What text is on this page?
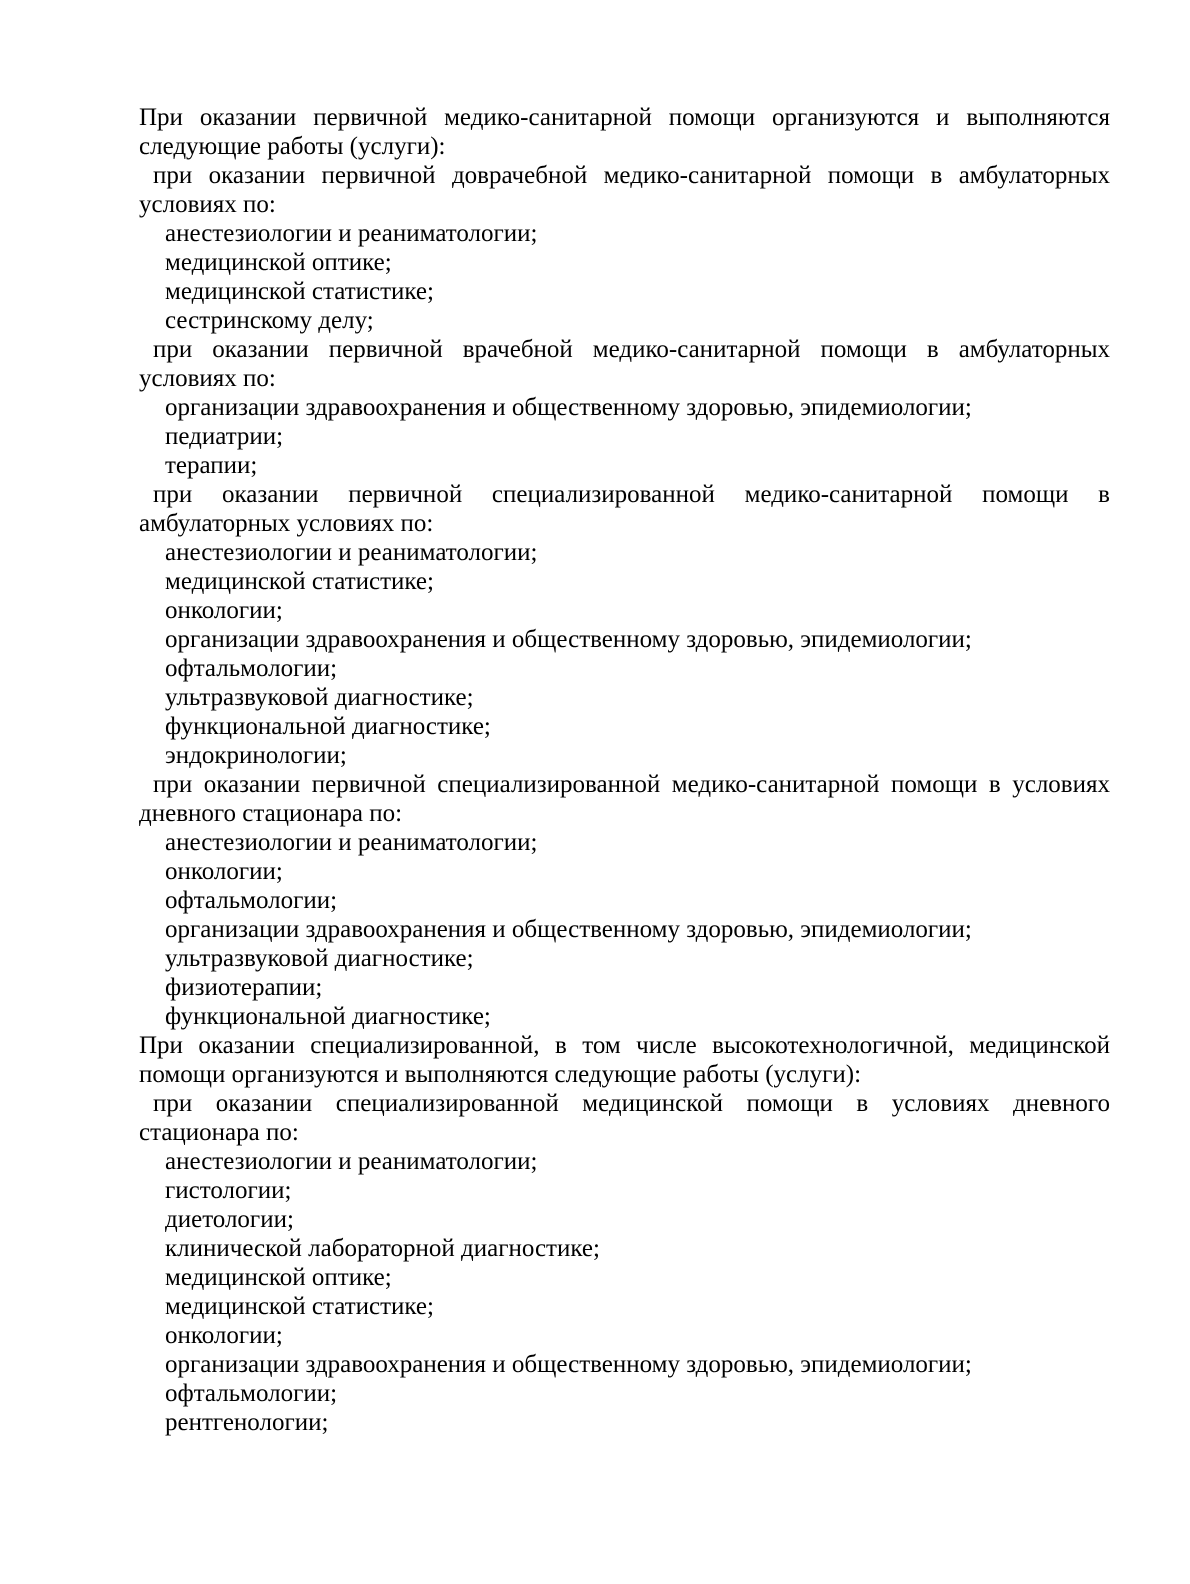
При оказании первичной медико-санитарной помощи организуются и выполняются следующие работы (услуги):

при оказании первичной доврачебной медико-санитарной помощи в амбулаторных условиях по:

анестезиологии и реаниматологии;

медицинской оптике;

медицинской статистике;

сестринскому делу;

при оказании первичной врачебной медико-санитарной помощи в амбулаторных условиях по:

организации здравоохранения и общественному здоровью, эпидемиологии;

педиатрии;

терапии;

при оказании первичной специализированной медико-санитарной помощи в амбулаторных условиях по:

анестезиологии и реаниматологии;

медицинской статистике;

онкологии;

организации здравоохранения и общественному здоровью, эпидемиологии;

офтальмологии;

ультразвуковой диагностике;

функциональной диагностике;

эндокринологии;

при оказании первичной специализированной медико-санитарной помощи в условиях дневного стационара по:

анестезиологии и реаниматологии;

онкологии;

офтальмологии;

организации здравоохранения и общественному здоровью, эпидемиологии;

ультразвуковой диагностике;

физиотерапии;

функциональной диагностике;

При оказании специализированной, в том числе высокотехнологичной, медицинской помощи организуются и выполняются следующие работы (услуги):

при оказании специализированной медицинской помощи в условиях дневного стационара по:

анестезиологии и реаниматологии;

гистологии;

диетологии;

клинической лабораторной диагностике;

медицинской оптике;

медицинской статистике;

онкологии;

организации здравоохранения и общественному здоровью, эпидемиологии;

офтальмологии;

рентгенологии;
